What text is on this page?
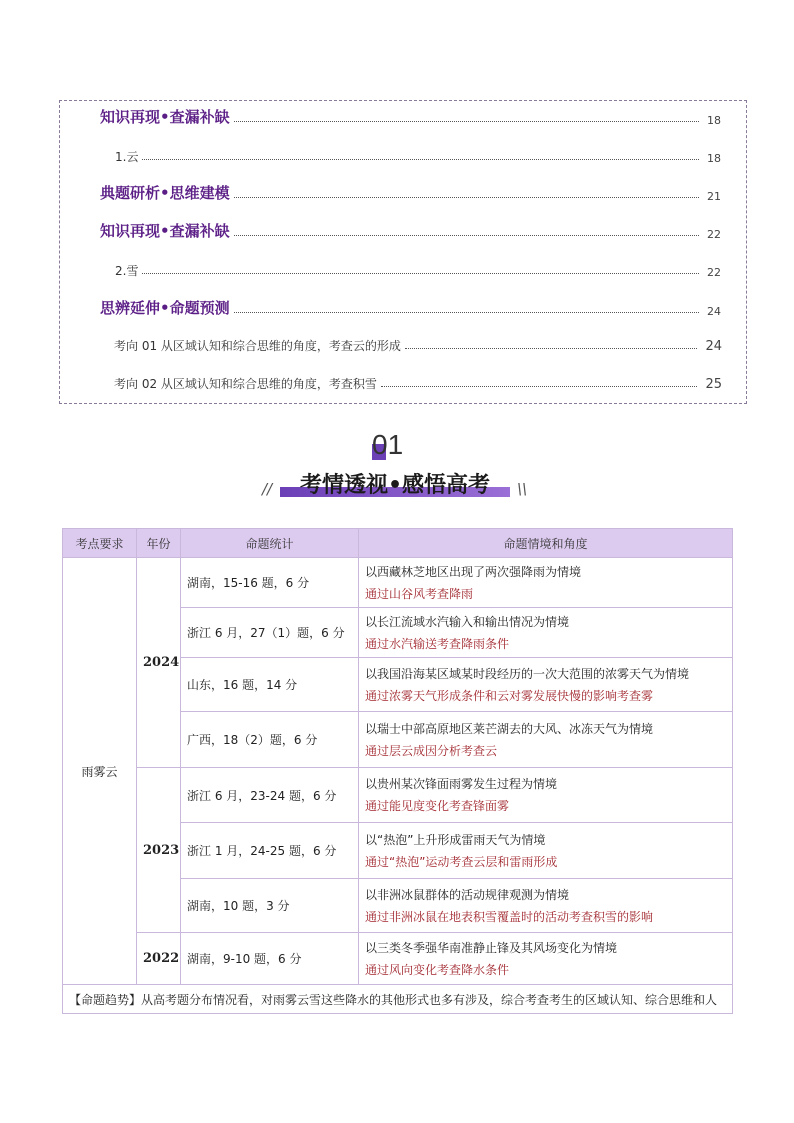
知识再现•查漏补缺	18
1.云	18
典题研析•思维建模	21
知识再现•查漏补缺	22
2.雪	22
思辨延伸•命题预测	24
考向 01 从区域认知和综合思维的角度，考查云的形成	24
考向 02 从区域认知和综合思维的角度，考查积雪	25
01
//	考情透视•感悟高考	\\
考点要求	年份	命题统计	命题情境和角度
雨雾云	2024	湖南，15-16 题，6 分	以西藏林芝地区出现了两次强降雨为情境
通过山谷风考查降雨

		浙江 6 月，27（1）题，6 分	以长江流域水汽输入和输出情况为情境
通过水汽输送考查降雨条件

		山东，16 题，14 分	以我国沿海某区域某时段经历的一次大范围的浓雾天气为情境
通过浓雾天气形成条件和云对雾发展快慢的影响考查雾

		广西，18（2）题，6 分	以瑞士中部高原地区莱芒湖去的大风、冰冻天气为情境
通过层云成因分析考查云

	2023	浙江 6 月，23-24 题，6 分	以贵州某次锋面雨雾发生过程为情境
通过能见度变化考查锋面雾

		浙江 1 月，24-25 题，6 分	以“热泡”上升形成雷雨天气为情境
通过“热泡”运动考查云层和雷雨形成

		湖南，10 题，3 分	以非洲冰鼠群体的活动规律观测为情境
通过非洲冰鼠在地表积雪覆盖时的活动考查积雪的影响

	2022	湖南，9-10 题，6 分	以三类冬季强华南准静止锋及其风场变化为情境
通过风向变化考查降水条件

【命题趋势】从高考题分布情况看，对雨雾云雪这些降水的其他形式也多有涉及，综合考查考生的区域认知、综合思维和人			
